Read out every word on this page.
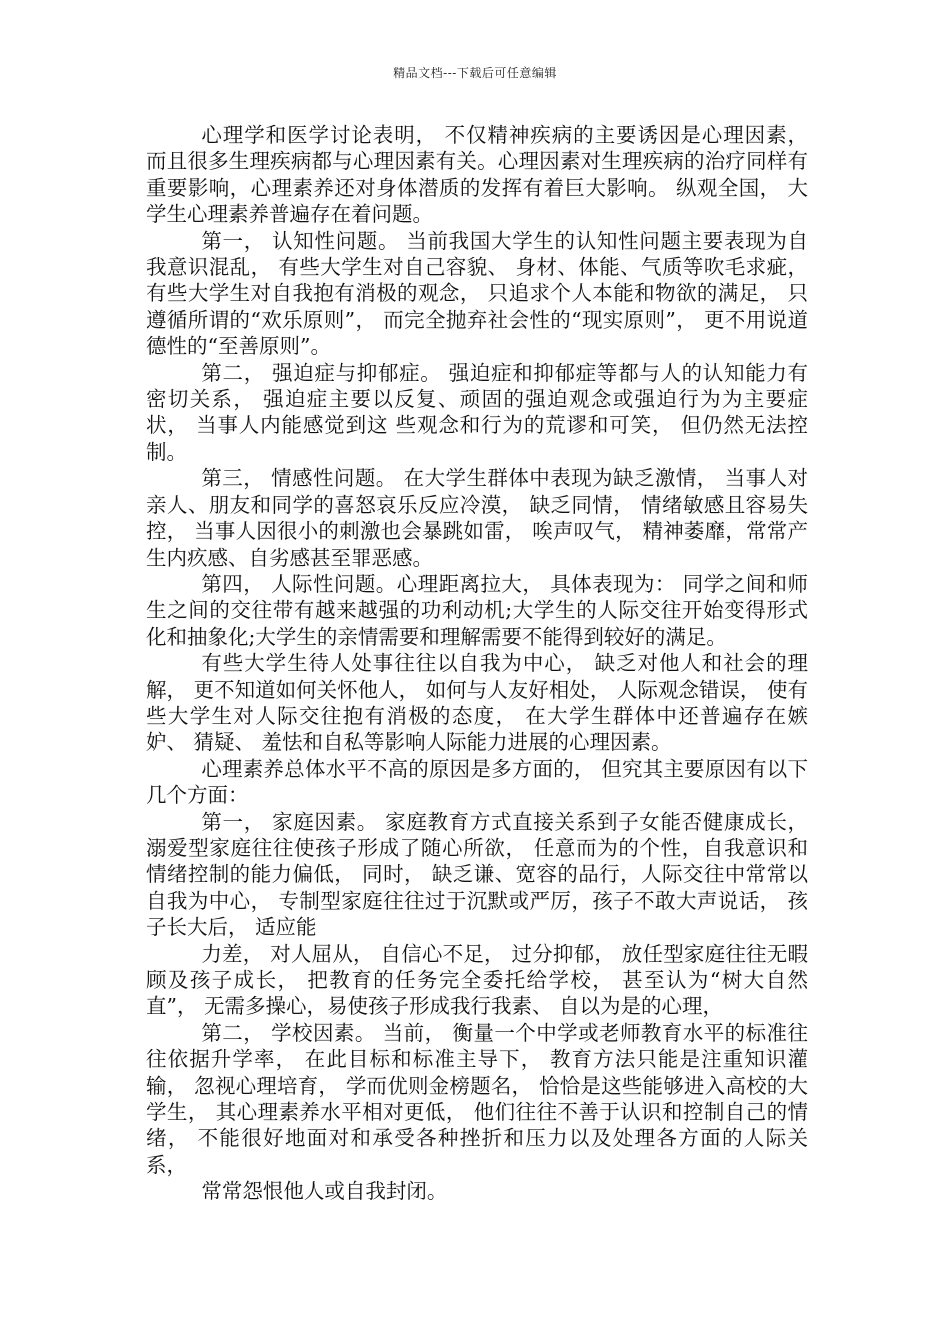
精品文档---下载后可任意编辑

心理学和医学讨论表明， 不仅精神疾病的主要诱因是心理因素， 而且很多生理疾病都与心理因素有关。心理因素对生理疾病的治疗同样有重要影响，心理素养还对身体潜质的发挥有着巨大影响。 纵观全国， 大学生心理素养普遍存在着问题。

第一， 认知性问题。 当前我国大学生的认知性问题主要表现为自我意识混乱， 有些大学生对自己容貌、 身材、体能、气质等吹毛求疵， 有些大学生对自我抱有消极的观念， 只追求个人本能和物欲的满足， 只遵循所谓的“欢乐原则”， 而完全抛弃社会性的“现实原则”， 更不用说道德性的“至善原则”。

第二， 强迫症与抑郁症。 强迫症和抑郁症等都与人的认知能力有密切关系， 强迫症主要以反复、顽固的强迫观念或强迫行为为主要症状， 当事人内能感觉到这 些观念和行为的荒谬和可笑， 但仍然无法控制。

第三， 情感性问题。 在大学生群体中表现为缺乏激情， 当事人对亲人、朋友和同学的喜怒哀乐反应冷漠， 缺乏同情， 情绪敏感且容易失控， 当事人因很小的刺激也会暴跳如雷， 唉声叹气， 精神萎靡，常常产生内疚感、自劣感甚至罪恶感。

第四， 人际性问题。心理距离拉大， 具体表现为： 同学之间和师生之间的交往带有越来越强的功利动机;大学生的人际交往开始变得形式化和抽象化;大学生的亲情需要和理解需要不能得到较好的满足。

有些大学生待人处事往往以自我为中心， 缺乏对他人和社会的理解， 更不知道如何关怀他人， 如何与人友好相处， 人际观念错误， 使有些大学生对人际交往抱有消极的态度， 在大学生群体中还普遍存在嫉妒、 猜疑、 羞怯和自私等影响人际能力进展的心理因素。

心理素养总体水平不高的原因是多方面的， 但究其主要原因有以下几个方面：

第一， 家庭因素。 家庭教育方式直接关系到子女能否健康成长， 溺爱型家庭往往使孩子形成了随心所欲， 任意而为的个性，自我意识和情绪控制的能力偏低， 同时， 缺乏谦、宽容的品行，人际交往中常常以自我为中心， 专制型家庭往往过于沉默或严厉，孩子不敢大声说话， 孩子长大后， 适应能

力差， 对人屈从， 自信心不足， 过分抑郁， 放任型家庭往往无暇顾及孩子成长， 把教育的任务完全委托给学校， 甚至认为“树大自然直”， 无需多操心，易使孩子形成我行我素、 自以为是的心理，

第二， 学校因素。 当前， 衡量一个中学或老师教育水平的标准往往依据升学率， 在此目标和标准主导下， 教育方法只能是注重知识灌输， 忽视心理培育， 学而优则金榜题名， 恰恰是这些能够进入高校的大学生， 其心理素养水平相对更低， 他们往往不善于认识和控制自己的情绪， 不能很好地面对和承受各种挫折和压力以及处理各方面的人际关系，

常常怨恨他人或自我封闭。
